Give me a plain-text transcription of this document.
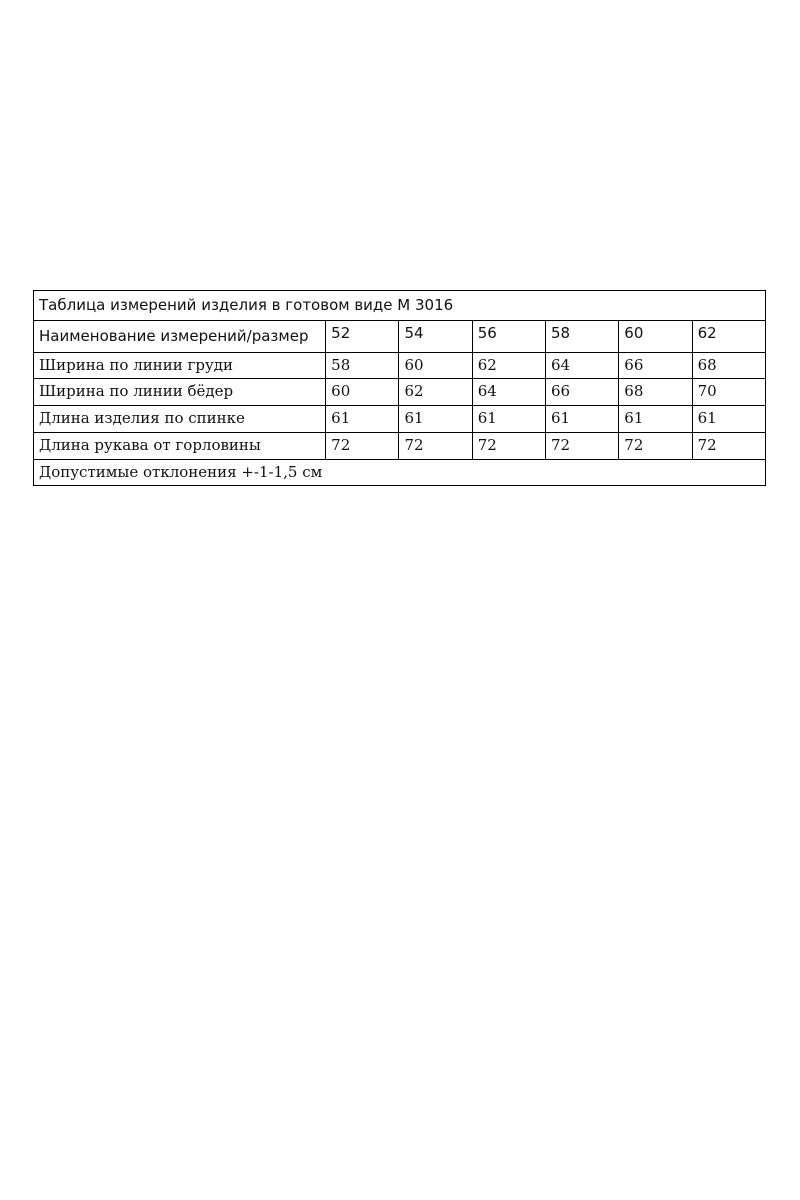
Таблица измерений изделия в готовом виде М 3016						
Наименование измерений/размер	52	54	56	58	60	62
Ширина по линии груди	58	60	62	64	66	68
Ширина по линии бёдер	60	62	64	66	68	70
Длина изделия по спинке	61	61	61	61	61	61
Длина рукава от горловины	72	72	72	72	72	72
Допустимые отклонения +-1-1,5 см						
